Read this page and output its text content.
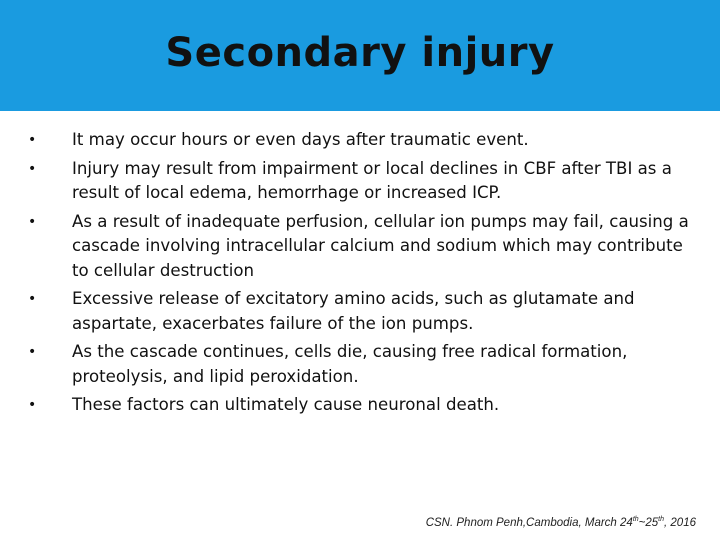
Secondary injury
• It may occur hours or even days after traumatic event.
• Injury may result from impairment or local declines in CBF after TBI as a result of local edema, hemorrhage or increased ICP.
• As a result of inadequate perfusion, cellular ion pumps may fail, causing a cascade involving intracellular calcium and sodium which may contribute to cellular destruction
• Excessive release of excitatory amino acids, such as glutamate and aspartate, exacerbates failure of the ion pumps.
• As the cascade continues, cells die, causing free radical formation, proteolysis, and lipid peroxidation.
• These factors can ultimately cause neuronal death.
CSN. Phnom Penh,Cambodia, March 24th~25th, 2016
